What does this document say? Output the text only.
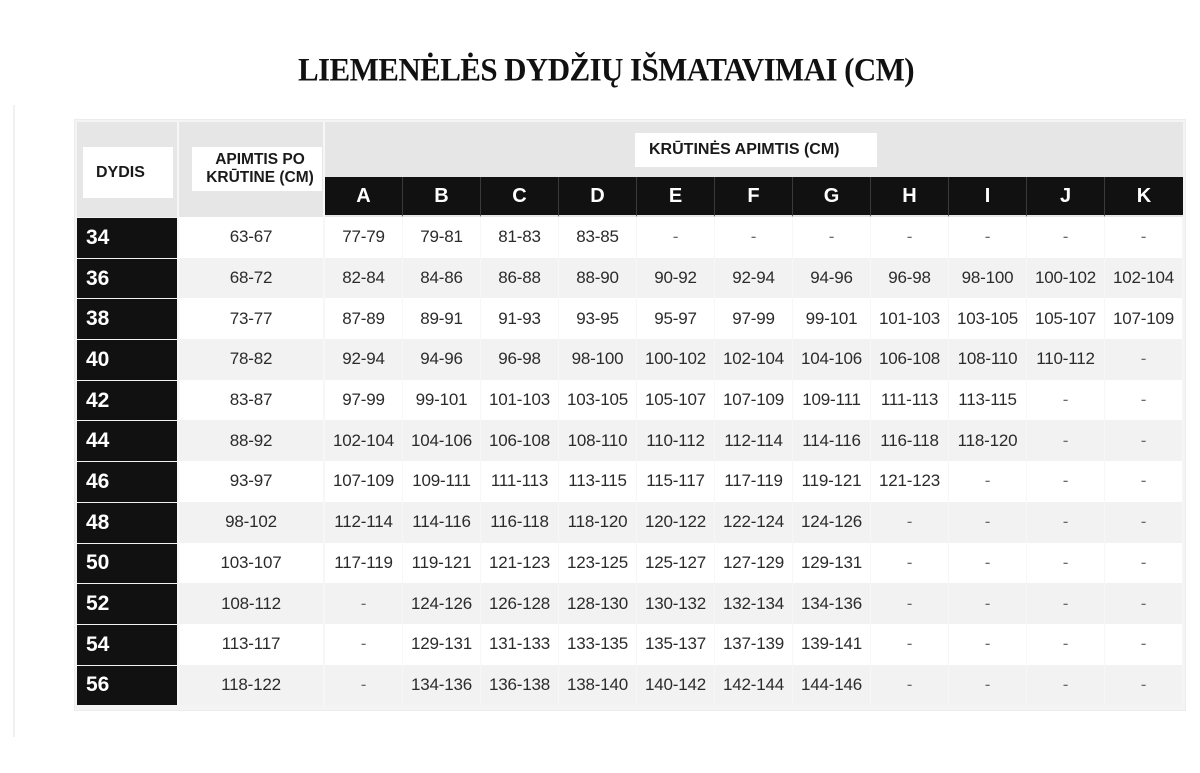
LIEMENĖLĖS DYDŽIŲ IŠMATAVIMAI (CM)
DYDIS	APIMTIS PO KRŪTINE (CM)	KRŪTINĖS APIMTIS (CM)										

		A	B	C	D	E	F	G	H	I	J	K
34	63-67	77-79	79-81	81-83	83-85	-	-	-	-	-	-	-
36	68-72	82-84	84-86	86-88	88-90	90-92	92-94	94-96	96-98	98-100	100-102	102-104
38	73-77	87-89	89-91	91-93	93-95	95-97	97-99	99-101	101-103	103-105	105-107	107-109
40	78-82	92-94	94-96	96-98	98-100	100-102	102-104	104-106	106-108	108-110	110-112	-
42	83-87	97-99	99-101	101-103	103-105	105-107	107-109	109-111	111-113	113-115	-	-
44	88-92	102-104	104-106	106-108	108-110	110-112	112-114	114-116	116-118	118-120	-	-
46	93-97	107-109	109-111	111-113	113-115	115-117	117-119	119-121	121-123	-	-	-
48	98-102	112-114	114-116	116-118	118-120	120-122	122-124	124-126	-	-	-	-
50	103-107	117-119	119-121	121-123	123-125	125-127	127-129	129-131	-	-	-	-
52	108-112	-	124-126	126-128	128-130	130-132	132-134	134-136	-	-	-	-
54	113-117	-	129-131	131-133	133-135	135-137	137-139	139-141	-	-	-	-
56	118-122	-	134-136	136-138	138-140	140-142	142-144	144-146	-	-	-	-
